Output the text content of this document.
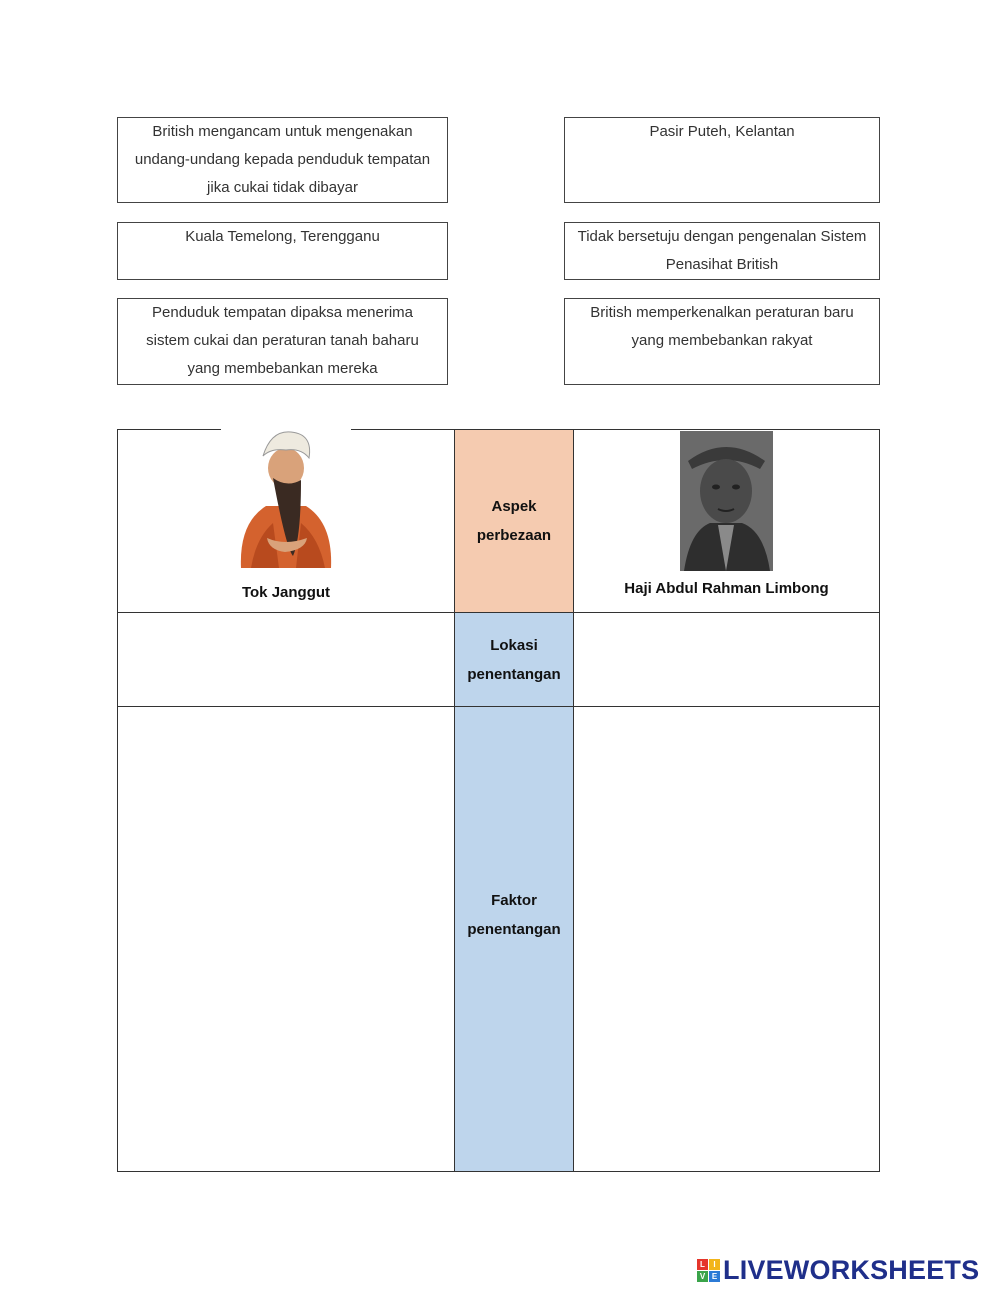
British mengancam untuk mengenakan undang-undang kepada penduduk tempatan jika cukai tidak dibayar
Pasir Puteh, Kelantan
Kuala Temelong, Terengganu	Tidak bersetuju dengan pengenalan Sistem Penasihat British
Penduduk tempatan dipaksa menerima sistem cukai dan peraturan tanah baharu yang membebankan mereka
British memperkenalkan peraturan baru yang membebankan rakyat
Tok Janggut
Aspek perbezaan
Haji Abdul Rahman Limbong
Lokasi penentangan
Faktor penentangan
L	I
V E LIVEWORKSHEETS
